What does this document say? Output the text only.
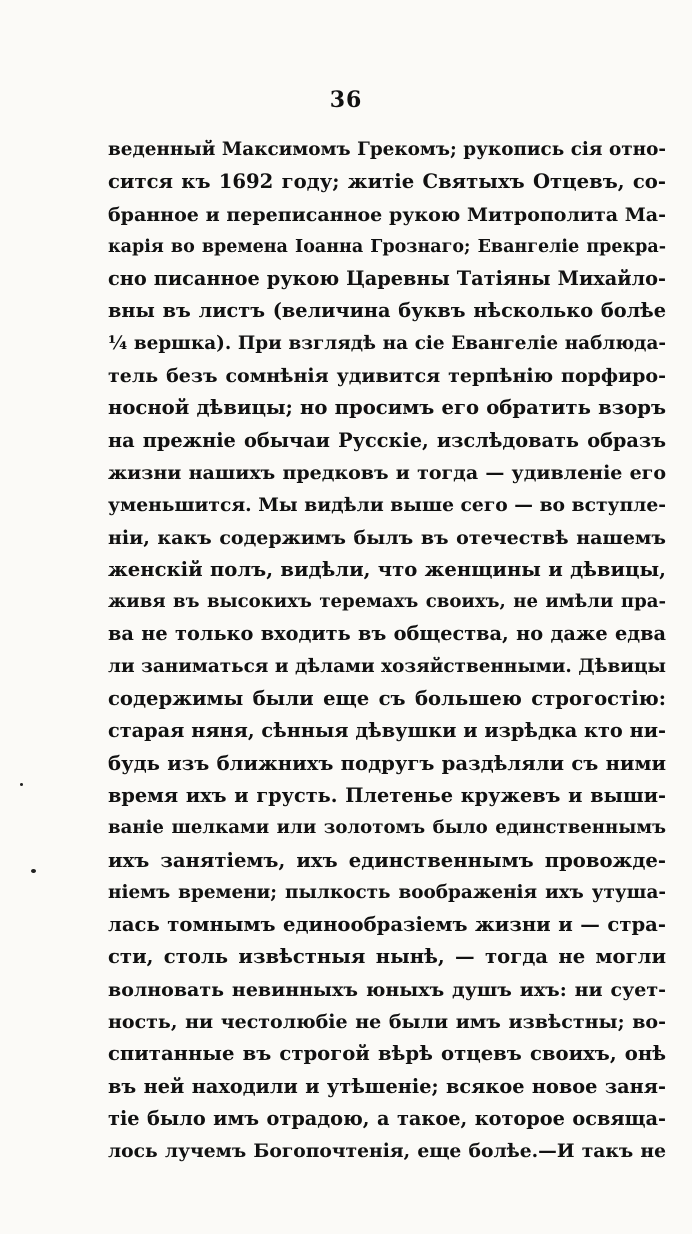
36
веденный Максимомъ Грекомъ; рукопись сія отно-
сится къ 1692 году; житіе Святыхъ Отцевъ, со-
бранное и переписанное рукою Митрополита Ма-
карія во времена Іоанна Грознаго; Евангеліе прекра-
сно писанное рукою Царевны Татіяны Михайло-
вны въ листъ (величина буквъ нѣсколько болѣе
¼ вершка). При взглядѣ на сіе Евангеліе наблюда-
тель безъ сомнѣнія удивится терпѣнію порфиро-
носной дѣвицы; но просимъ его обратить взоръ
на прежніе обычаи Русскіе, изслѣдовать образъ
жизни нашихъ предковъ и тогда — удивленіе его
уменьшится. Мы видѣли выше сего — во вступле-
ніи, какъ содержимъ былъ въ отечествѣ нашемъ
женскій полъ, видѣли, что женщины и дѣвицы,
живя въ высокихъ теремахъ своихъ, не имѣли пра-
ва не только входить въ общества, но даже едва
ли заниматься и дѣлами хозяйственными. Дѣвицы
содержимы были еще съ большею строгостію:
старая няня, сѣнныя дѣвушки и изрѣдка кто ни-
будь изъ ближнихъ подругъ раздѣляли съ ними
время ихъ и грусть. Плетенье кружевъ и выши-
ваніе шелками или золотомъ было единственнымъ
ихъ занятіемъ, ихъ единственнымъ провожде-
ніемъ времени; пылкость воображенія ихъ утуша-
лась томнымъ единообразіемъ жизни и — стра-
сти, столь извѣстныя нынѣ, — тогда не могли
волновать невинныхъ юныхъ душъ ихъ: ни сует-
ность, ни честолюбіе не были имъ извѣстны; во-
спитанные въ строгой вѣрѣ отцевъ своихъ, онѣ
въ ней находили и утѣшеніе; всякое новое заня-
тіе было имъ отрадою, а такое, которое освяща-
лось лучемъ Богопочтенія, еще болѣе.—И такъ не
